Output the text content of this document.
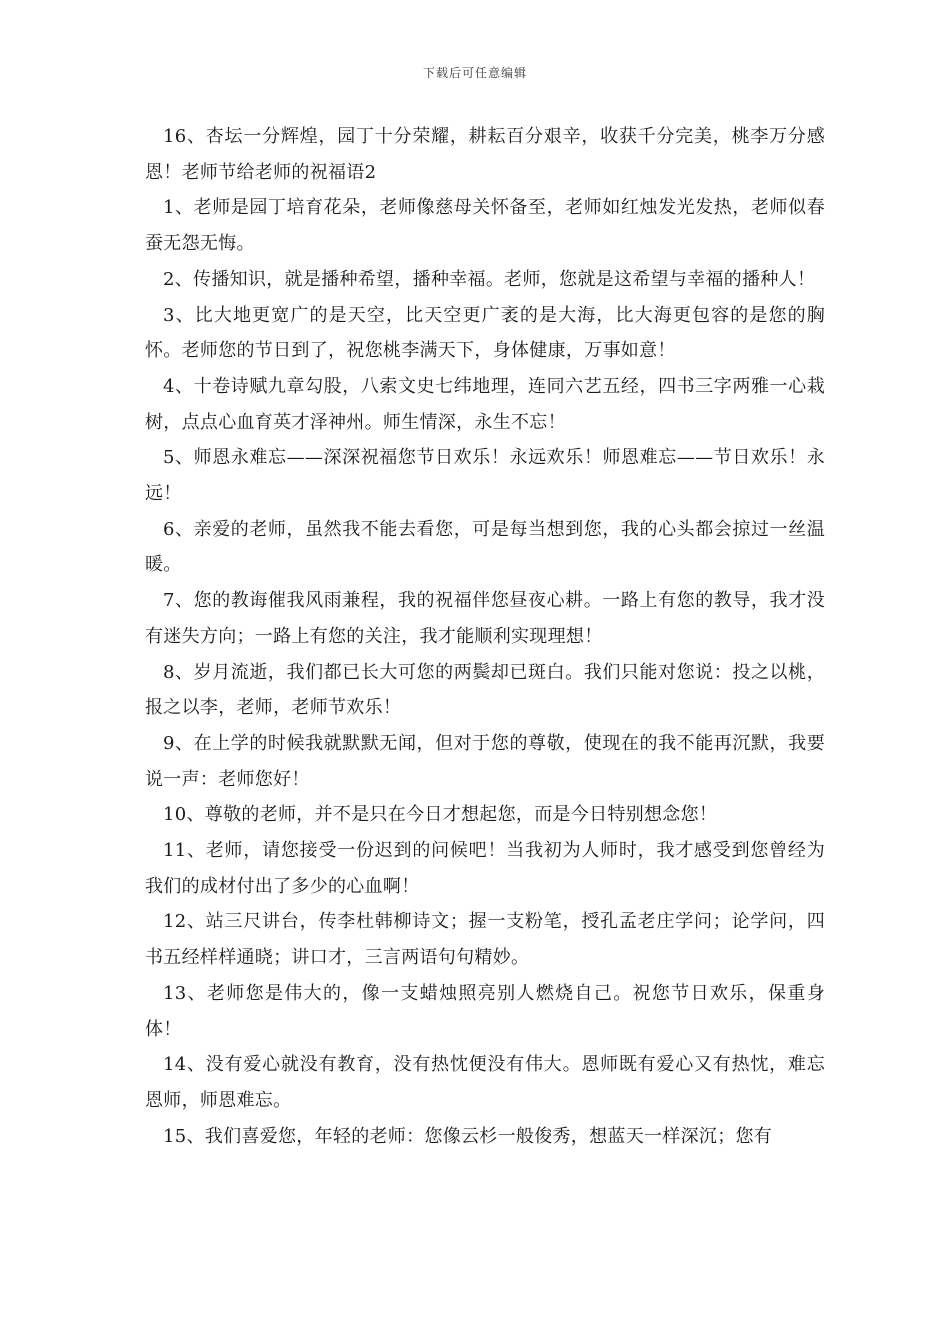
下载后可任意编辑

16、杏坛一分辉煌，园丁十分荣耀，耕耘百分艰辛，收获千分完美，桃李万分感恩！老师节给老师的祝福语2

1、老师是园丁培育花朵，老师像慈母关怀备至，老师如红烛发光发热，老师似春蚕无怨无悔。

2、传播知识，就是播种希望，播种幸福。老师，您就是这希望与幸福的播种人！

3、比大地更宽广的是天空，比天空更广袤的是大海，比大海更包容的是您的胸怀。老师您的节日到了，祝您桃李满天下，身体健康，万事如意！

4、十卷诗赋九章勾股，八索文史七纬地理，连同六艺五经，四书三字两雅一心栽树，点点心血育英才泽神州。师生情深，永生不忘！

5、师恩永难忘——深深祝福您节日欢乐！永远欢乐！师恩难忘——节日欢乐！永远！

6、亲爱的老师，虽然我不能去看您，可是每当想到您，我的心头都会掠过一丝温暖。

7、您的教诲催我风雨兼程，我的祝福伴您昼夜心耕。一路上有您的教导，我才没有迷失方向；一路上有您的关注，我才能顺利实现理想！

8、岁月流逝，我们都已长大可您的两鬓却已斑白。我们只能对您说：投之以桃，报之以李，老师，老师节欢乐！

9、在上学的时候我就默默无闻，但对于您的尊敬，使现在的我不能再沉默，我要说一声：老师您好！

10、尊敬的老师，并不是只在今日才想起您，而是今日特别想念您！

11、老师，请您接受一份迟到的问候吧！当我初为人师时，我才感受到您曾经为我们的成材付出了多少的心血啊！

12、站三尺讲台，传李杜韩柳诗文；握一支粉笔，授孔孟老庄学问；论学问，四书五经样样通晓；讲口才，三言两语句句精妙。

13、老师您是伟大的，像一支蜡烛照亮别人燃烧自己。祝您节日欢乐，保重身体！

14、没有爱心就没有教育，没有热忱便没有伟大。恩师既有爱心又有热忱，难忘恩师，师恩难忘。

15、我们喜爱您，年轻的老师：您像云杉一般俊秀，想蓝天一样深沉；您有
